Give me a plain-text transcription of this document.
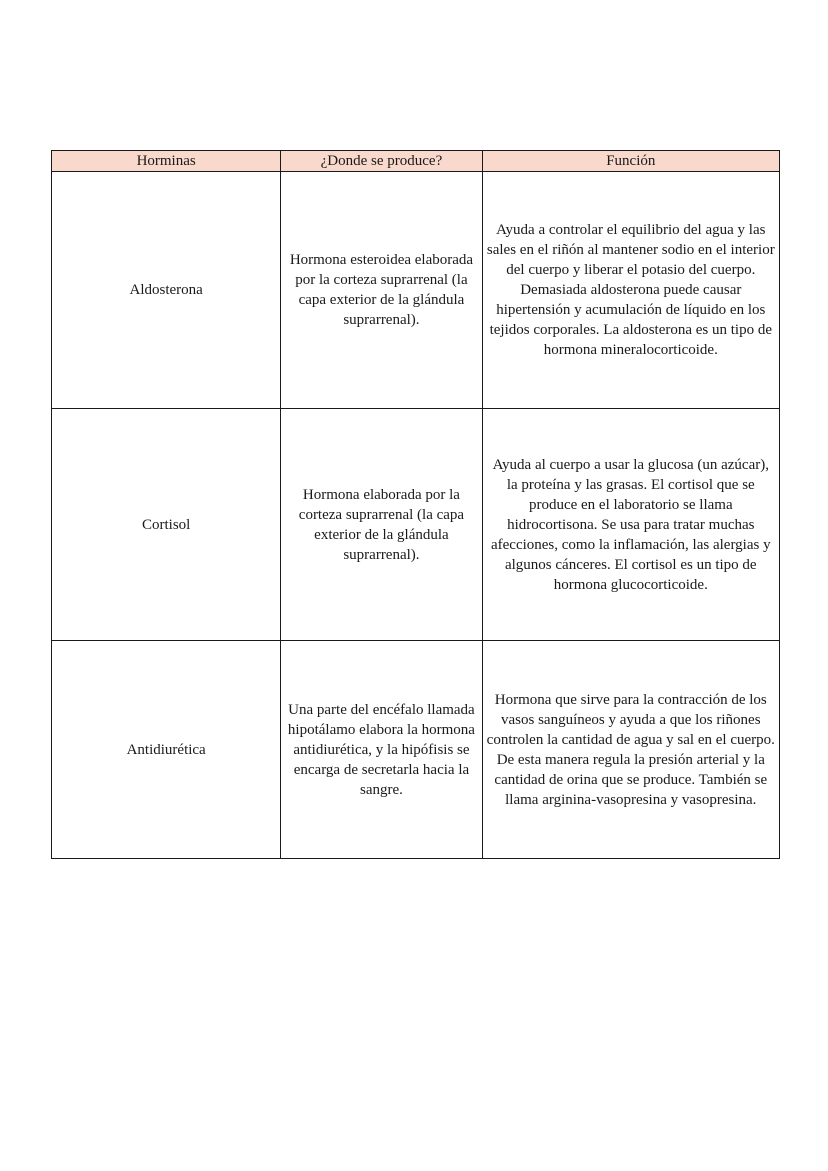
Horminas	¿Donde se produce?	Función

Aldosterona	Hormona esteroidea elaborada por la corteza suprarrenal (la capa exterior de la glándula suprarrenal).	Ayuda a controlar el equilibrio del agua y las sales en el riñón al mantener sodio en el interior del cuerpo y liberar el potasio del cuerpo. Demasiada aldosterona puede causar hipertensión y acumulación de líquido en los tejidos corporales. La aldosterona es un tipo de hormona mineralocorticoide.

Cortisol	Hormona elaborada por la corteza suprarrenal (la capa exterior de la glándula suprarrenal).	Ayuda al cuerpo a usar la glucosa (un azúcar), la proteína y las grasas. El cortisol que se produce en el laboratorio se llama hidrocortisona. Se usa para tratar muchas afecciones, como la inflamación, las alergias y algunos cánceres. El cortisol es un tipo de hormona glucocorticoide.

Antidiurética	Una parte del encéfalo llamada hipotálamo elabora la hormona antidiurética, y la hipófisis se encarga de secretarla hacia la sangre.	Hormona que sirve para la contracción de los vasos sanguíneos y ayuda a que los riñones controlen la cantidad de agua y sal en el cuerpo. De esta manera regula la presión arterial y la cantidad de orina que se produce. También se llama arginina-vasopresina y vasopresina.
